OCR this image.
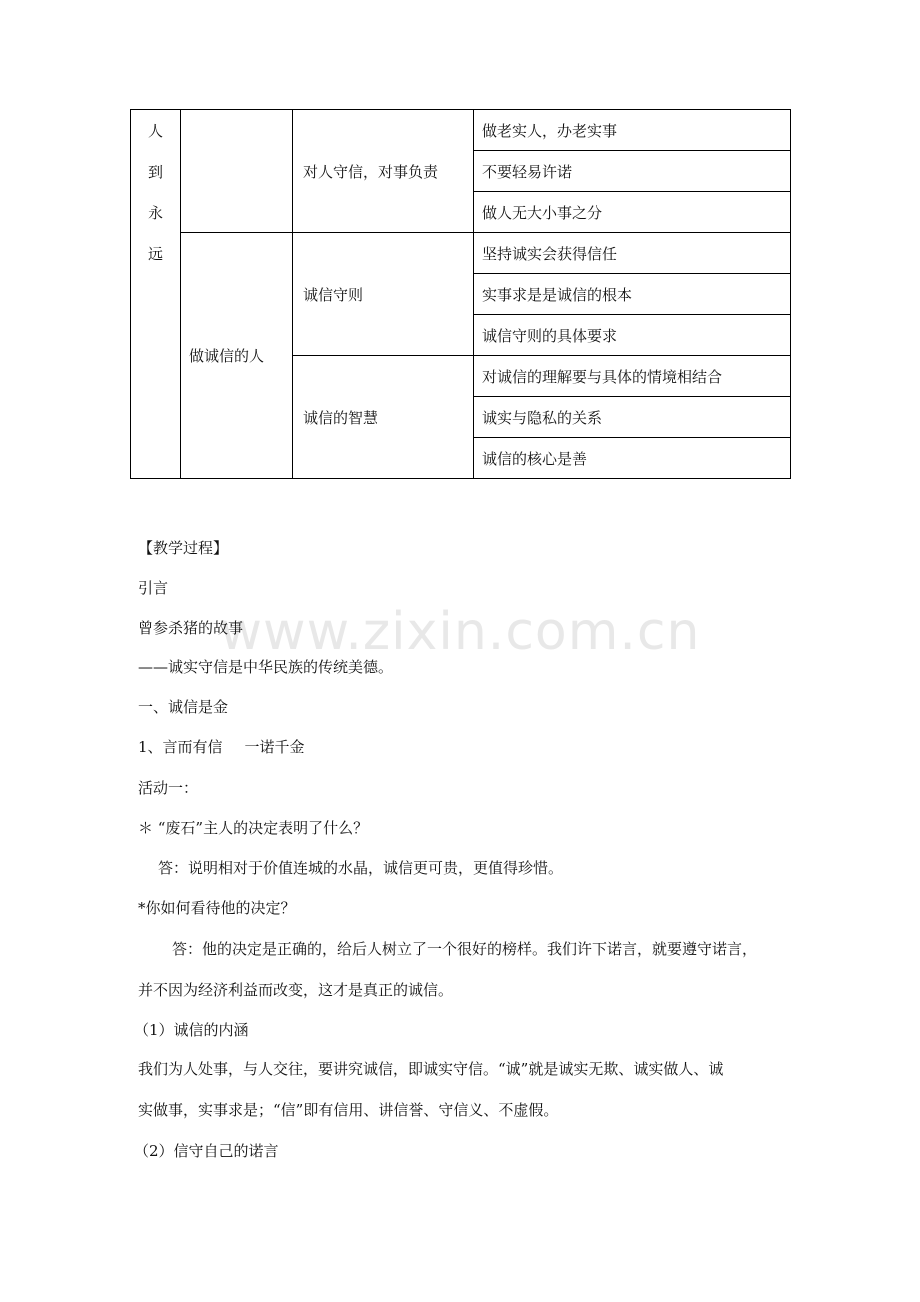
人
到
永
远		对人守信，对事负责	做老实人，办老实事
			不要轻易许诺
			做人无大小事之分
	做诚信的人	诚信守则	坚持诚实会获得信任
			实事求是是诚信的根本
			诚信守则的具体要求
		诚信的智慧	对诚信的理解要与具体的情境相结合
			诚实与隐私的关系
			诚信的核心是善
www.zixin.com.cn
【教学过程】
引言
曾参杀猪的故事
——诚实守信是中华民族的传统美德。
一、诚信是金
1、言而有信 一诺千金
活动一：
＊ “废石”主人的决定表明了什么？
答：说明相对于价值连城的水晶，诚信更可贵，更值得珍惜。
*你如何看待他的决定？
答：他的决定是正确的，给后人树立了一个很好的榜样。我们许下诺言，就要遵守诺言，
并不因为经济利益而改变，这才是真正的诚信。
（1）诚信的内涵
我们为人处事，与人交往，要讲究诚信，即诚实守信。“诚”就是诚实无欺、诚实做人、诚
实做事，实事求是；“信”即有信用、讲信誉、守信义、不虚假。
（2）信守自己的诺言
